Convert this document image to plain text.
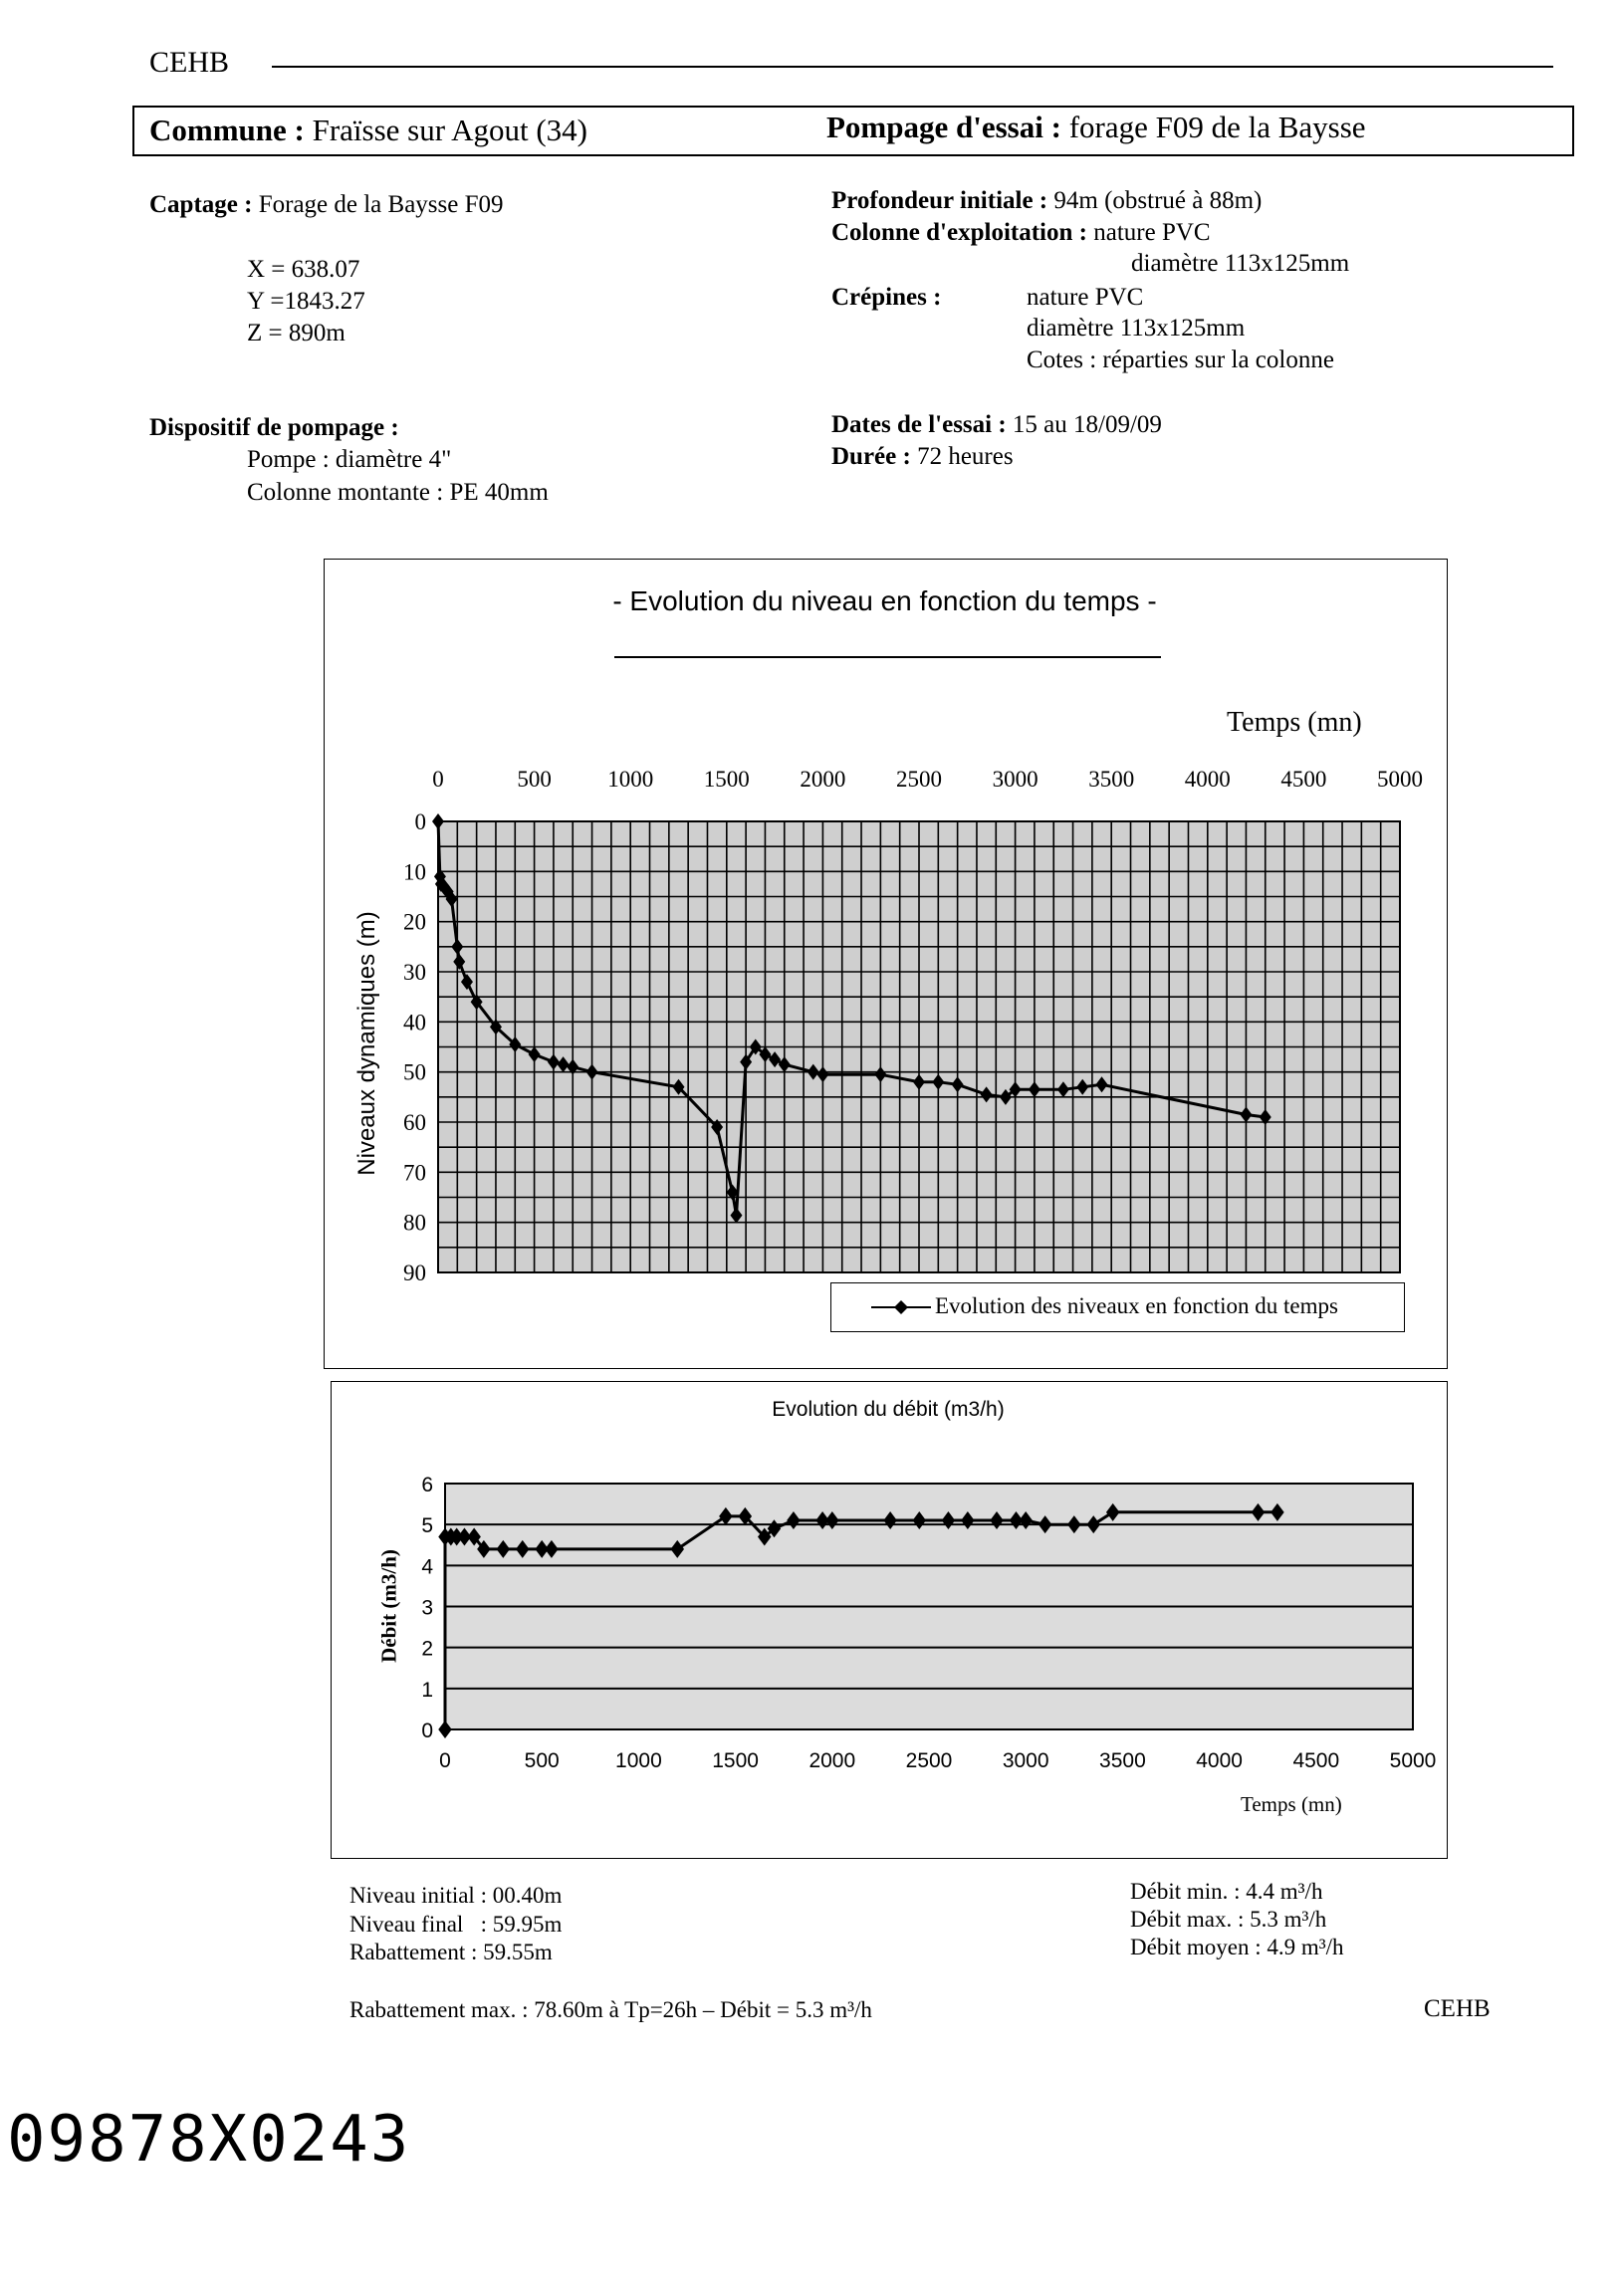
CEHB
Commune : Fraïsse sur Agout (34)	Pompage d'essai : forage F09 de la Baysse
Captage : Forage de la Baysse F09
X = 638.07
Y =1843.27
Z = 890m
Dispositif de pompage :
Pompe : diamètre 4"
Colonne montante : PE 40mm
Profondeur initiale : 94m (obstrué à 88m)
Colonne d'exploitation : nature PVC
diamètre 113x125mm
Crépines :	nature PVC
diamètre 113x125mm
Cotes : réparties sur la colonne
Dates de l'essai : 15 au 18/09/09
Durée : 72 heures
- Evolution du niveau en fonction du temps -
Temps (mn)
Niveaux dynamiques (m)
0	500 1000 1500 2000 2500 3000 3500 4000 4500 5000
0
10
20
30
40
50
60
70
80
90
Evolution des niveaux en fonction du temps
Evolution du débit (m3/h)
Temps (mn)
Débit (m3/h)
0	500	1000 1500 2000 2500 3000 3500 4000 4500 5000
0
1
2
3
4
5
6
Niveau initial : 00.40m
Niveau final   : 59.95m
Rabattement : 59.55m
Débit min. : 4.4 m³/h
Débit max. : 5.3 m³/h
Débit moyen : 4.9 m³/h
Rabattement max. : 78.60m à Tp=26h – Débit = 5.3 m³/h	CEHB
09878X0243
